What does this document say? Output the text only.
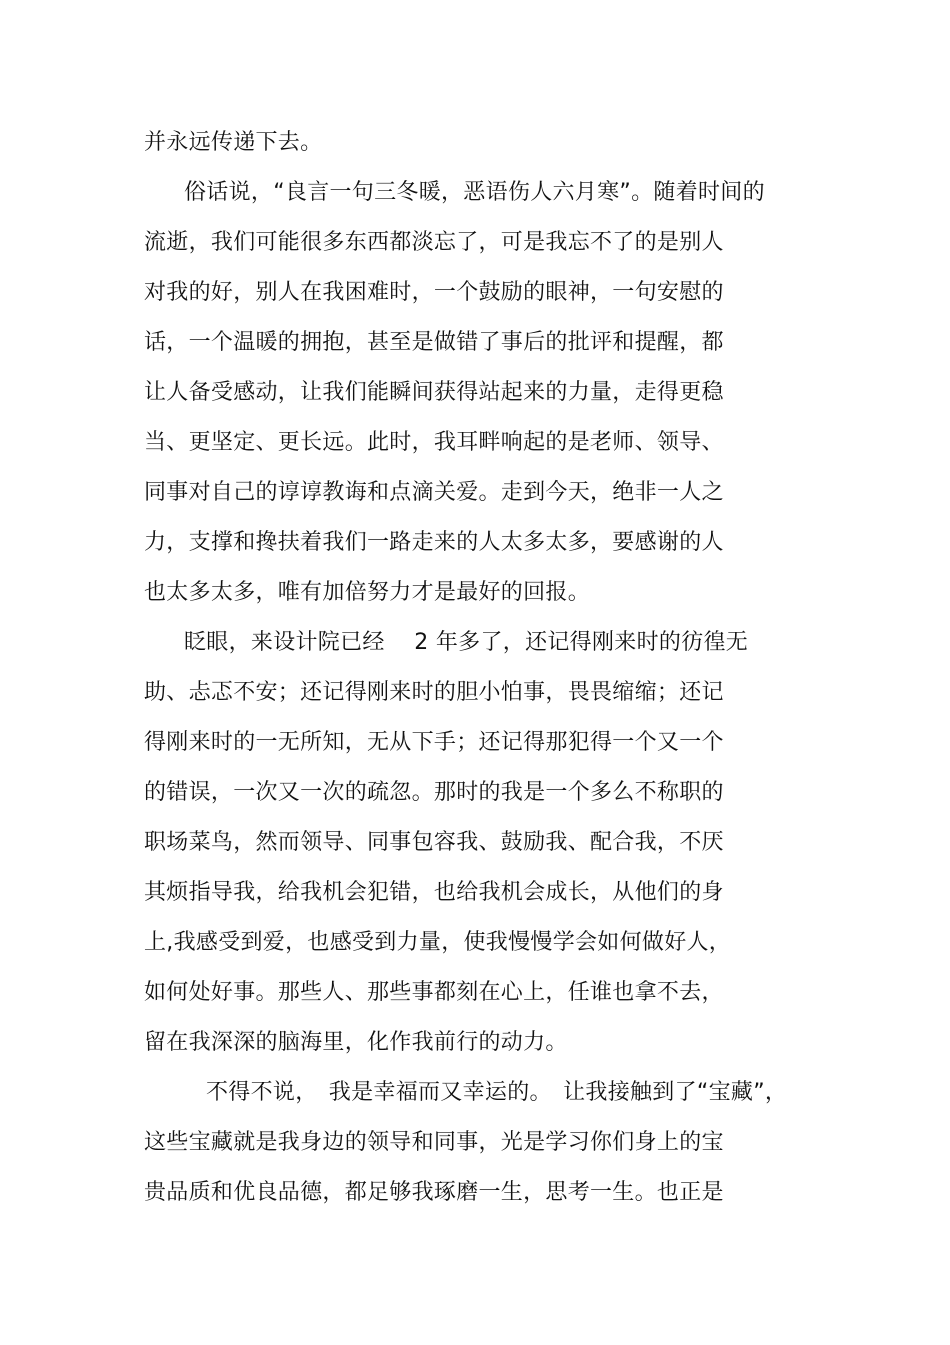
并永远传递下去。
俗话说，“良言一句三冬暖，恶语伤人六月寒”。随着时间的
流逝，我们可能很多东西都淡忘了，可是我忘不了的是别人
对我的好，别人在我困难时，一个鼓励的眼神，一句安慰的
话，一个温暖的拥抱，甚至是做错了事后的批评和提醒，都
让人备受感动，让我们能瞬间获得站起来的力量，走得更稳
当、更坚定、更长远。此时，我耳畔响起的是老师、领导、
同事对自己的谆谆教诲和点滴关爱。走到今天，绝非一人之
力，支撑和搀扶着我们一路走来的人太多太多，要感谢的人
也太多太多，唯有加倍努力才是最好的回报。
眨眼，来设计院已经　 2 年多了，还记得刚来时的彷徨无
助、忐忑不安；还记得刚来时的胆小怕事，畏畏缩缩；还记
得刚来时的一无所知，无从下手；还记得那犯得一个又一个
的错误，一次又一次的疏忽。那时的我是一个多么不称职的
职场菜鸟，然而领导、同事包容我、鼓励我、配合我，不厌
其烦指导我，给我机会犯错，也给我机会成长，从他们的身
上,我感受到爱，也感受到力量，使我慢慢学会如何做好人，
如何处好事。那些人、那些事都刻在心上，任谁也拿不去，
留在我深深的脑海里，化作我前行的动力。
不得不说，　我是幸福而又幸运的。　让我接触到了“宝藏”，
这些宝藏就是我身边的领导和同事，光是学习你们身上的宝
贵品质和优良品德，都足够我琢磨一生，思考一生。也正是
